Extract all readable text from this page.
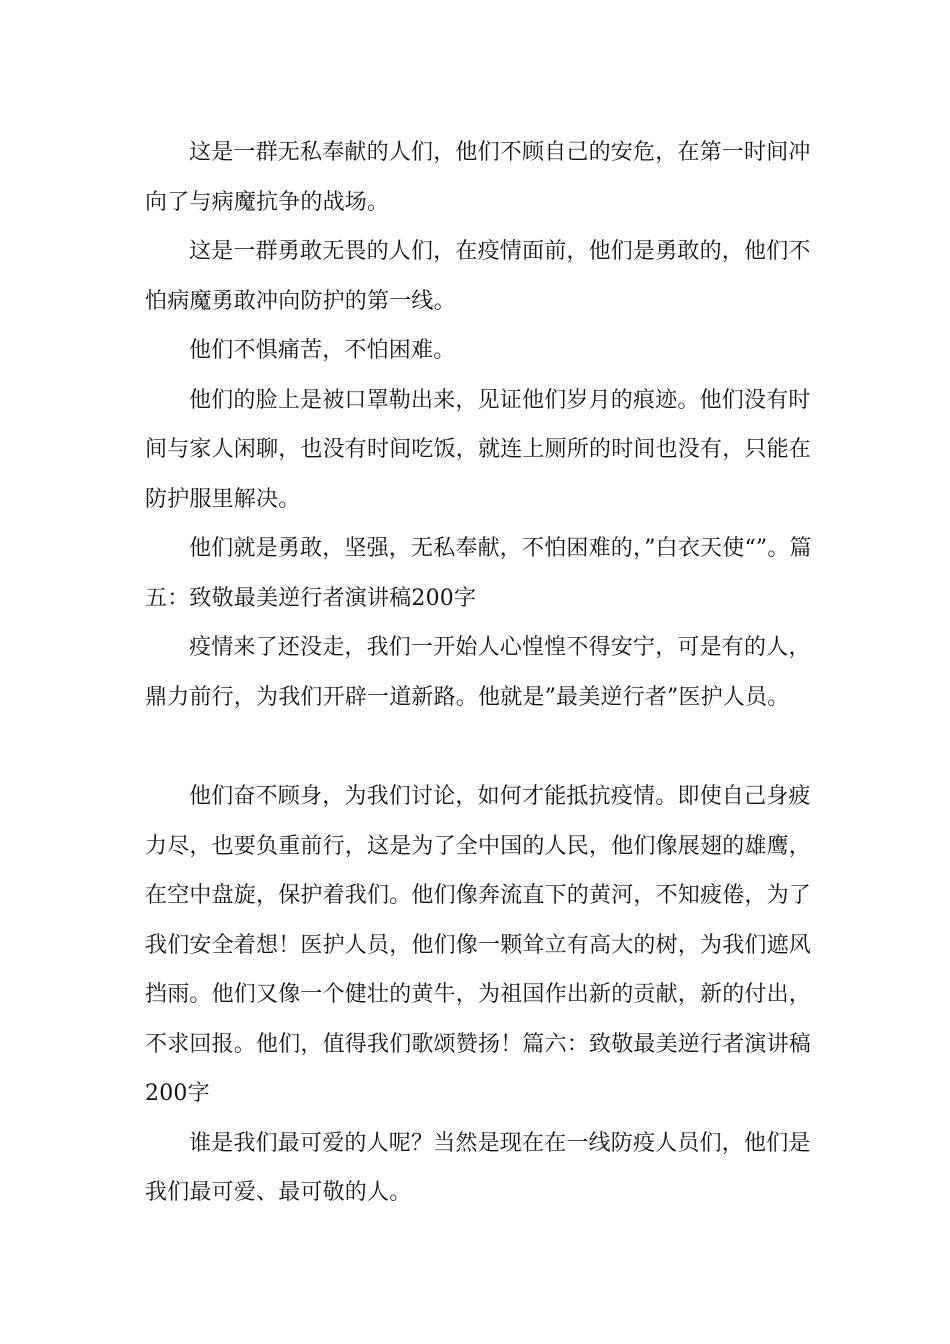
这是一群无私奉献的人们，他们不顾自己的安危，在第一时间冲向了与病魔抗争的战场。

这是一群勇敢无畏的人们，在疫情面前，他们是勇敢的，他们不怕病魔勇敢冲向防护的第一线。

他们不惧痛苦，不怕困难。

他们的脸上是被口罩勒出来，见证他们岁月的痕迹。他们没有时间与家人闲聊，也没有时间吃饭，就连上厕所的时间也没有，只能在防护服里解决。

他们就是勇敢，坚强，无私奉献，不怕困难的，”白衣天使“”。篇五：致敬最美逆行者演讲稿200字

疫情来了还没走，我们一开始人心惶惶不得安宁，可是有的人，鼎力前行，为我们开辟一道新路。他就是”最美逆行者”医护人员。

他们奋不顾身，为我们讨论，如何才能抵抗疫情。即使自己身疲力尽，也要负重前行，这是为了全中国的人民，他们像展翅的雄鹰，在空中盘旋，保护着我们。他们像奔流直下的黄河，不知疲倦，为了我们安全着想！医护人员，他们像一颗耸立有高大的树，为我们遮风挡雨。他们又像一个健壮的黄牛，为祖国作出新的贡献，新的付出，不求回报。他们，值得我们歌颂赞扬！篇六：致敬最美逆行者演讲稿200字

谁是我们最可爱的人呢？当然是现在在一线防疫人员们，他们是我们最可爱、最可敬的人。
